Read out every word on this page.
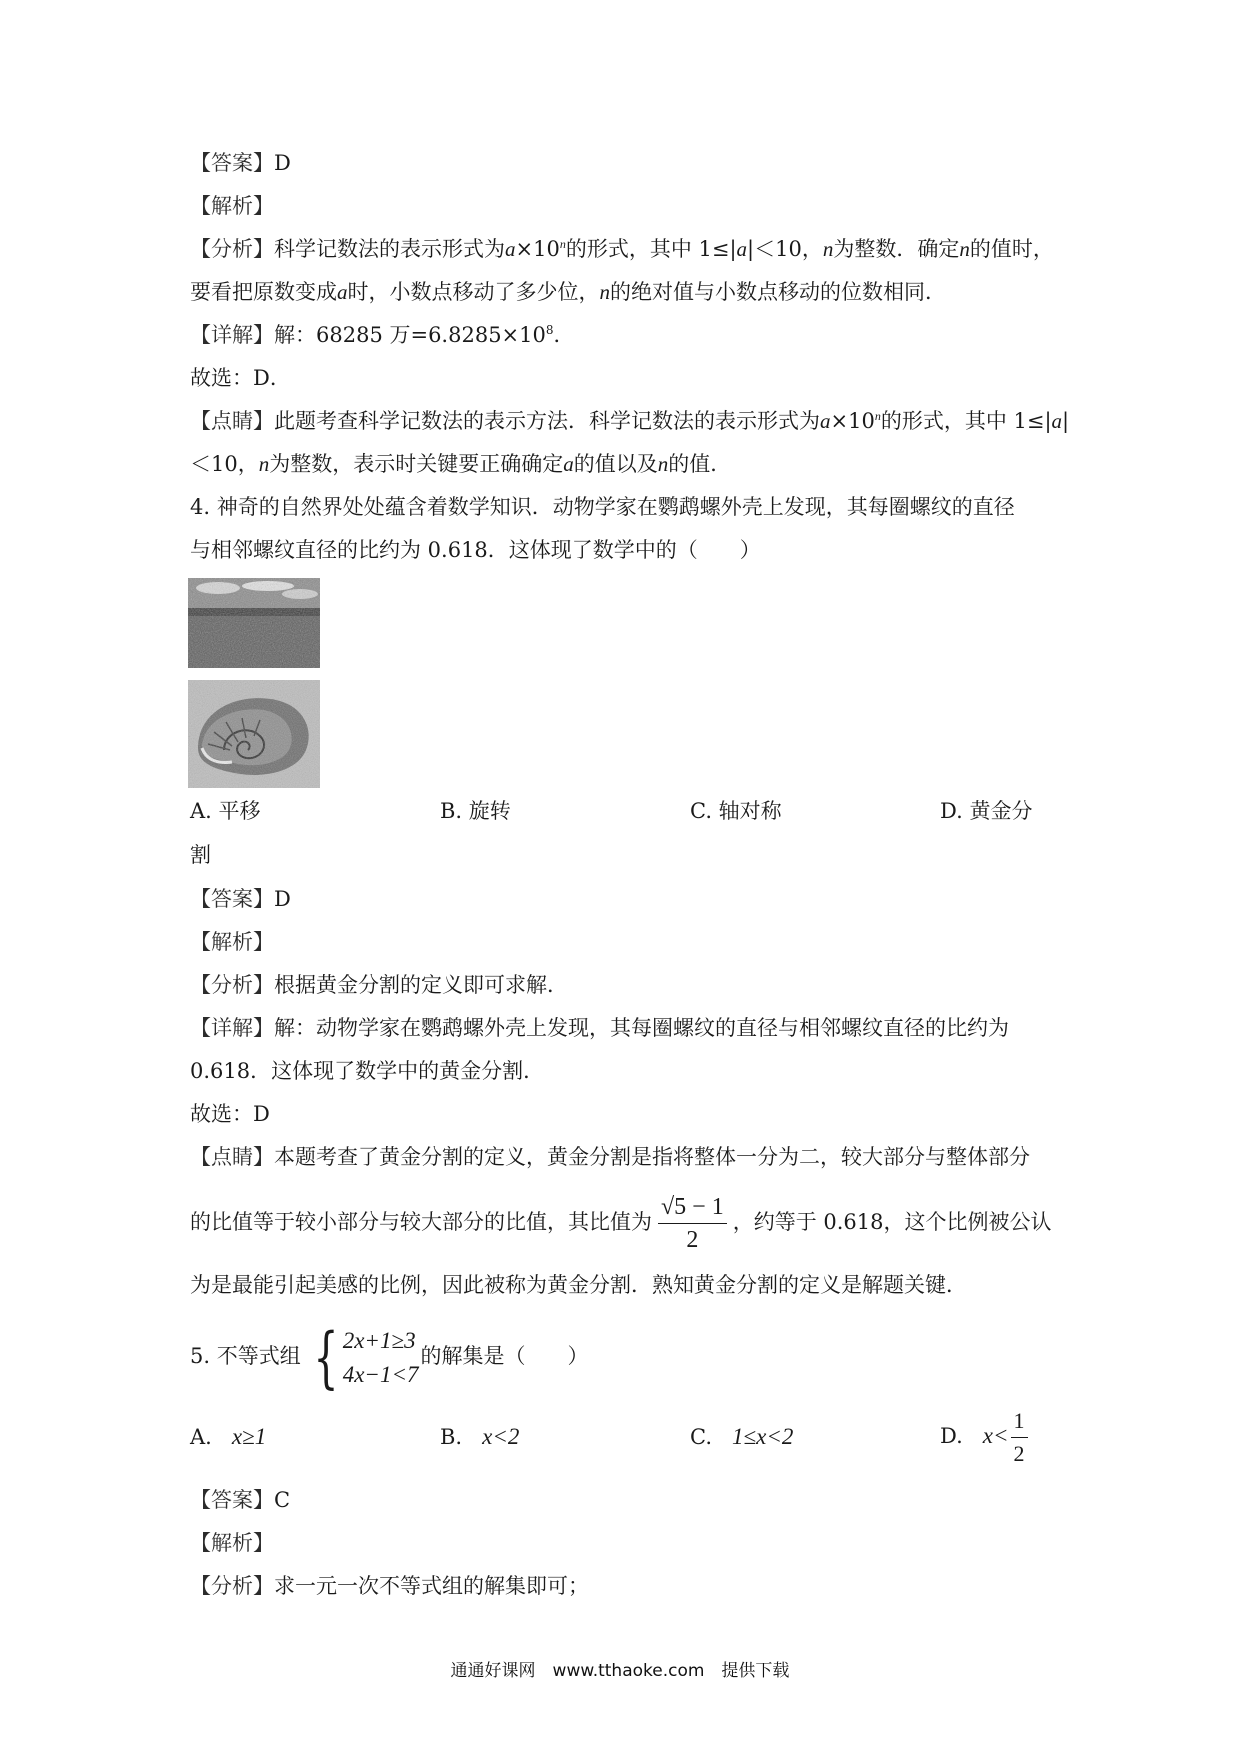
【答案】D
【解析】
【分析】科学记数法的表示形式为$a\times 10^n$的形式，其中 1≤|a|＜10，n为整数．确定n的值时，
要看把原数变成a时，小数点移动了多少位，n的绝对值与小数点移动的位数相同．
【详解】解：68285 万$=6.8285\times 10^8$．
故选：D．
【点睛】此题考查科学记数法的表示方法．科学记数法的表示形式为$a\times 10^n$的形式，其中 1≤|a|
＜10，n为整数，表示时关键要正确确定a的值以及n的值．
4. 神奇的自然界处处蕴含着数学知识．动物学家在鹦鹉螺外壳上发现，其每圈螺纹的直径
与相邻螺纹直径的比约为 0.618．这体现了数学中的（　　）
A. 平移	B. 旋转	C. 轴对称	D. 黄金分
割
【答案】D
【解析】
【分析】根据黄金分割的定义即可求解．
【详解】解：动物学家在鹦鹉螺外壳上发现，其每圈螺纹的直径与相邻螺纹直径的比约为
0.618．这体现了数学中的黄金分割．
故选：D
【点睛】本题考查了黄金分割的定义，黄金分割是指将整体一分为二，较大部分与整体部分
的比值等于较小部分与较大部分的比值，其比值为 $\frac{√5 - 1}{2}$ ，约等于 0.618，这个比例被公认
为是最能引起美感的比例，因此被称为黄金分割．熟知黄金分割的定义是解题关键．
5. 不等式组 { 2x+1≥3
4x−1<7
的解集是（　　）
A. x≥1	B. x<2	C. 1≤x<2	D. $x< \frac{1}{2}$
【答案】C
【解析】
【分析】求一元一次不等式组的解集即可；
通通好课网　www.tthaoke.com　提供下载
